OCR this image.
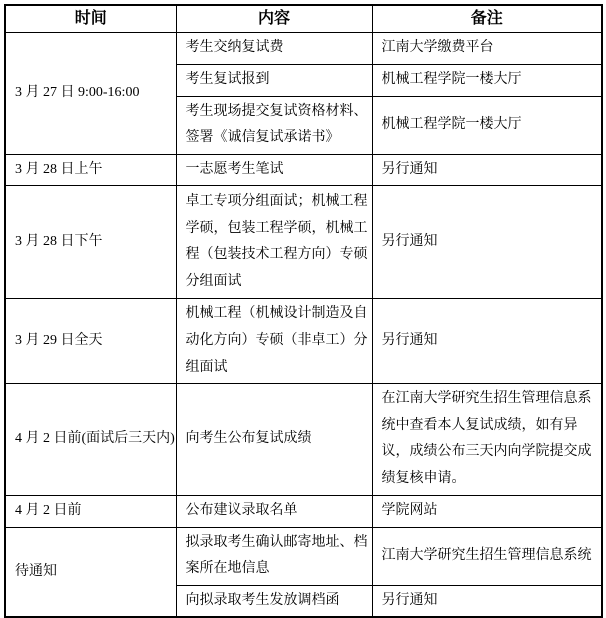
时间	内容	备注
3 月 27 日 9:00-16:00	考生交纳复试费	江南大学缴费平台
	考生复试报到	机械工程学院一楼大厅
	考生现场提交复试资格材料、签署《诚信复试承诺书》	机械工程学院一楼大厅
3 月 28 日上午	一志愿考生笔试	另行通知
3 月 28 日下午	卓工专项分组面试；机械工程学硕，包装工程学硕，机械工程（包装技术工程方向）专硕分组面试	另行通知
3 月 29 日全天	机械工程（机械设计制造及自动化方向）专硕（非卓工）分组面试	另行通知
4 月 2 日前(面试后三天内)	向考生公布复试成绩	在江南大学研究生招生管理信息系统中查看本人复试成绩，如有异议，成绩公布三天内向学院提交成绩复核申请。
4 月 2 日前	公布建议录取名单	学院网站
待通知	拟录取考生确认邮寄地址、档案所在地信息	江南大学研究生招生管理信息系统
	向拟录取考生发放调档函	另行通知
